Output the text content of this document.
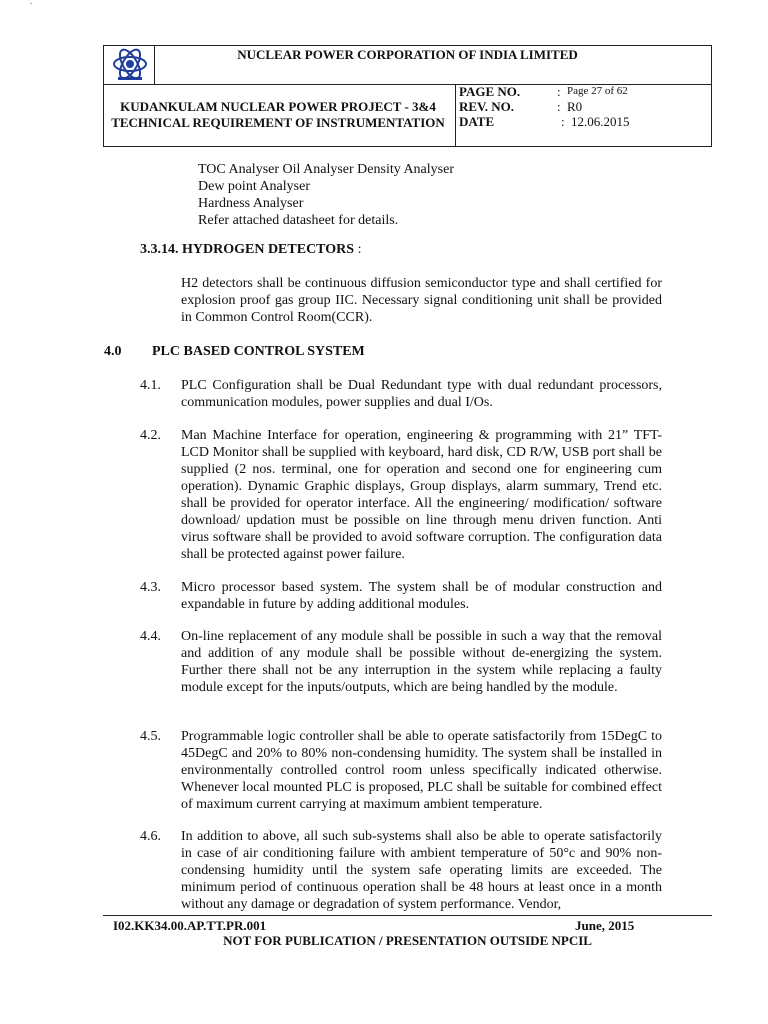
.
NUCLEAR POWER CORPORATION OF INDIA LIMITED
KUDANKULAM NUCLEAR POWER PROJECT - 3&4
TECHNICAL REQUIREMENT OF INSTRUMENTATION
PAGE NO.
REV. NO.
DATE
:
:
:
Page 27 of 62
R0
12.06.2015
TOC Analyser Oil Analyser Density Analyser
Dew point Analyser
Hardness Analyser
Refer attached datasheet for details.
3.3.14. HYDROGEN DETECTORS :

H2 detectors shall be continuous diffusion semiconductor type and shall certified for explosion proof gas group IIC. Necessary signal conditioning unit shall be provided in Common Control Room(CCR).

4.0 PLC BASED CONTROL SYSTEM
4.1. PLC Configuration shall be Dual Redundant type with dual redundant processors, communication modules, power supplies and dual I/Os.

4.2. Man Machine Interface for operation, engineering & programming with 21” TFT- LCD Monitor shall be supplied with keyboard, hard disk, CD R/W, USB port shall be supplied (2 nos. terminal, one for operation and second one for engineering cum operation). Dynamic Graphic displays, Group displays, alarm summary, Trend etc. shall be provided for operator interface. All the engineering/ modification/ software download/ updation must be possible on line through menu driven function. Anti virus software shall be provided to avoid software corruption. The configuration data shall be protected against power failure.

4.3. Micro processor based system. The system shall be of modular construction and expandable in future by adding additional modules.

4.4. On-line replacement of any module shall be possible in such a way that the removal and addition of any module shall be possible without de-energizing the system. Further there shall not be any interruption in the system while replacing a faulty module except for the inputs/outputs, which are being handled by the module.

4.5. Programmable logic controller shall be able to operate satisfactorily from 15DegC to 45DegC and 20% to 80% non-condensing humidity. The system shall be installed in environmentally controlled control room unless specifically indicated otherwise. Whenever local mounted PLC is proposed, PLC shall be suitable for combined effect of maximum current carrying at maximum ambient temperature.

4.6. In addition to above, all such sub-systems shall also be able to operate satisfactorily in case of air conditioning failure with ambient temperature of 50°c and 90% non-condensing humidity until the system safe operating limits are exceeded. The minimum period of continuous operation shall be 48 hours at least once in a month without any damage or degradation of system performance. Vendor,

I02.KK34.00.AP.TT.PR.001	June, 2015
NOT FOR PUBLICATION / PRESENTATION OUTSIDE NPCIL
